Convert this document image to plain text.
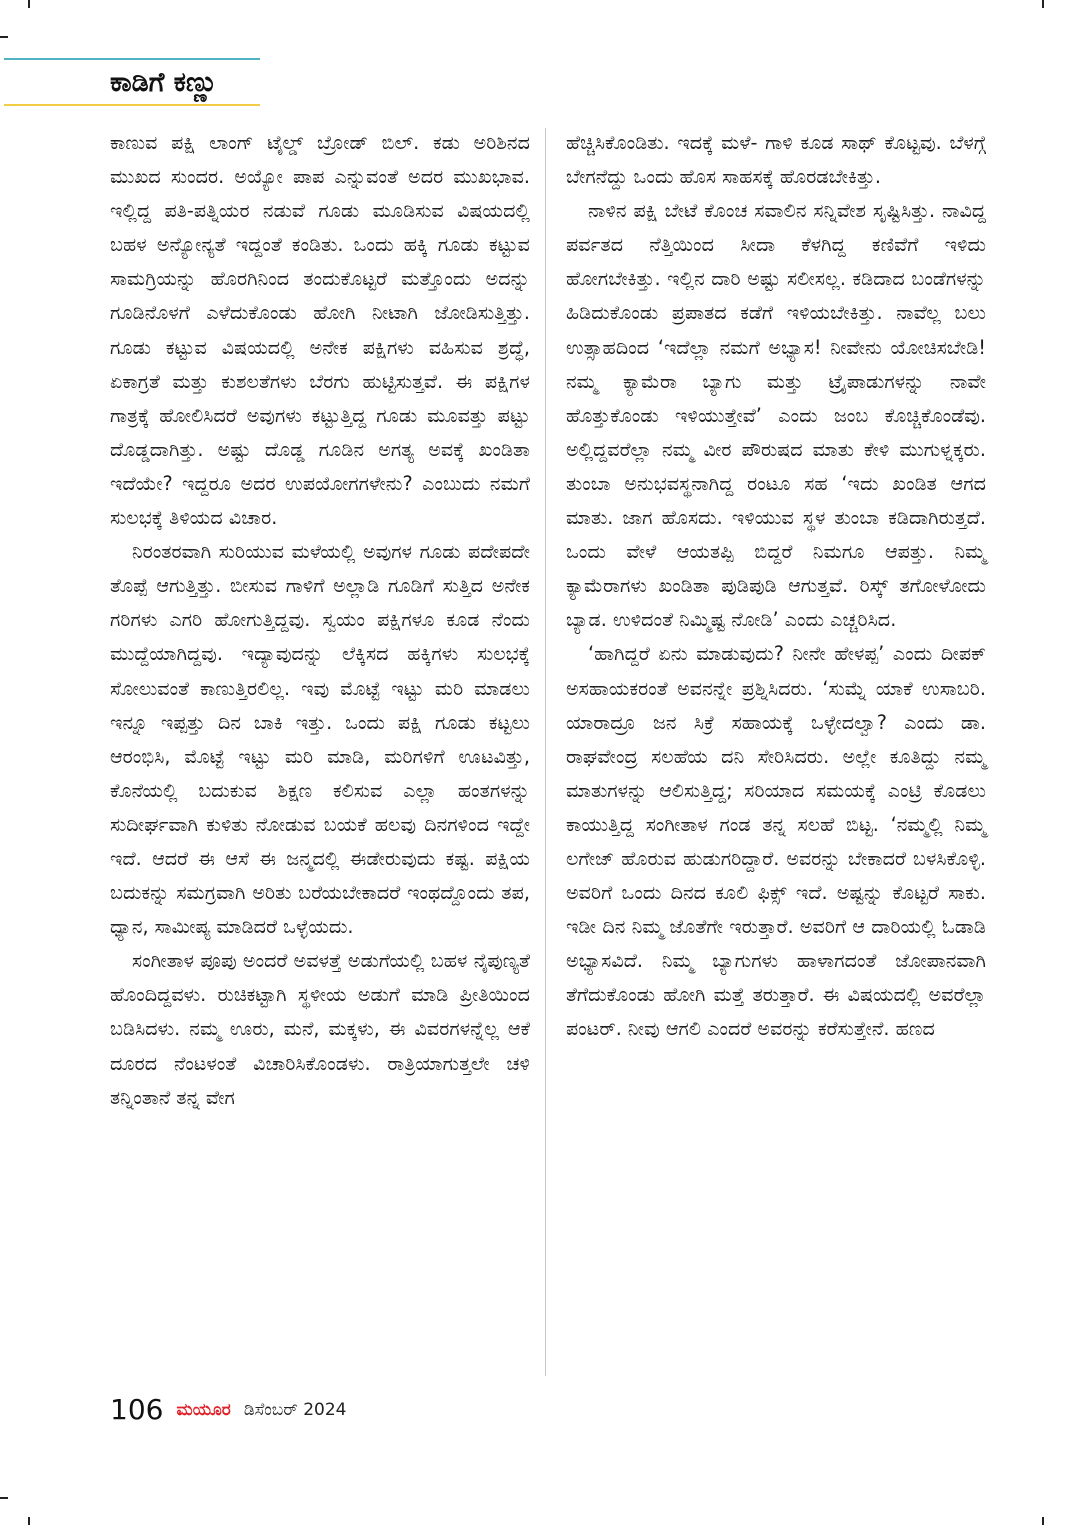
ಕಾಡಿಗೆ ಕಣ್ಣು

ಕಾಣುವ ಪಕ್ಷಿ ಲಾಂಗ್ ಟೈಲ್ಡ್ ಬ್ರೋಡ್ ಬಿಲ್. ಕಡು ಅರಿಶಿನದ ಮುಖದ ಸುಂದರ. ಅಯ್ಯೋ ಪಾಪ ಎನ್ನುವಂತೆ ಅದರ ಮುಖಭಾವ. ಇಲ್ಲಿದ್ದ ಪತಿ-ಪತ್ನಿಯರ ನಡುವೆ ಗೂಡು ಮೂಡಿಸುವ ವಿಷಯದಲ್ಲಿ ಬಹಳ ಅನ್ಯೋನ್ಯತೆ ಇದ್ದಂತೆ ಕಂಡಿತು. ಒಂದು ಹಕ್ಕಿ ಗೂಡು ಕಟ್ಟುವ ಸಾಮಗ್ರಿಯನ್ನು ಹೊರಗಿನಿಂದ ತಂದುಕೊಟ್ಟರೆ ಮತ್ತೊಂದು ಅದನ್ನು ಗೂಡಿನೊಳಗೆ ಎಳೆದುಕೊಂಡು ಹೋಗಿ ನೀಟಾಗಿ ಜೋಡಿಸುತ್ತಿತ್ತು. ಗೂಡು ಕಟ್ಟುವ ವಿಷಯದಲ್ಲಿ ಅನೇಕ ಪಕ್ಷಿಗಳು ವಹಿಸುವ ಶ್ರದ್ಧೆ, ಏಕಾಗ್ರತೆ ಮತ್ತು ಕುಶಲತೆಗಳು ಬೆರಗು ಹುಟ್ಟಿಸುತ್ತವೆ. ಈ ಪಕ್ಷಿಗಳ ಗಾತ್ರಕ್ಕೆ ಹೋಲಿಸಿದರೆ ಅವುಗಳು ಕಟ್ಟುತ್ತಿದ್ದ ಗೂಡು ಮೂವತ್ತು ಪಟ್ಟು ದೊಡ್ಡದಾಗಿತ್ತು. ಅಷ್ಟು ದೊಡ್ಡ ಗೂಡಿನ ಅಗತ್ಯ ಅವಕ್ಕೆ ಖಂಡಿತಾ ಇದೆಯೇ? ಇದ್ದರೂ ಅದರ ಉಪಯೋಗಗಳೇನು? ಎಂಬುದು ನಮಗೆ ಸುಲಭಕ್ಕೆ ತಿಳಿಯದ ವಿಚಾರ.

ನಿರಂತರವಾಗಿ ಸುರಿಯುವ ಮಳೆಯಲ್ಲಿ ಅವುಗಳ ಗೂಡು ಪದೇಪದೇ ತೊಪ್ಪೆ ಆಗುತ್ತಿತ್ತು. ಬೀಸುವ ಗಾಳಿಗೆ ಅಲ್ಲಾಡಿ ಗೂಡಿಗೆ ಸುತ್ತಿದ ಅನೇಕ ಗರಿಗಳು ಎಗರಿ ಹೋಗುತ್ತಿದ್ದವು. ಸ್ವಯಂ ಪಕ್ಷಿಗಳೂ ಕೂಡ ನೆಂದು ಮುದ್ದೆಯಾಗಿದ್ದವು. ಇದ್ಯಾವುದನ್ನು ಲೆಕ್ಕಿಸದ ಹಕ್ಕಿಗಳು ಸುಲಭಕ್ಕೆ ಸೋಲುವಂತೆ ಕಾಣುತ್ತಿರಲಿಲ್ಲ. ಇವು ಮೊಟ್ಟೆ ಇಟ್ಟು ಮರಿ ಮಾಡಲು ಇನ್ನೂ ಇಪ್ಪತ್ತು ದಿನ ಬಾಕಿ ಇತ್ತು. ಒಂದು ಪಕ್ಷಿ ಗೂಡು ಕಟ್ಟಲು ಆರಂಭಿಸಿ, ಮೊಟ್ಟೆ ಇಟ್ಟು ಮರಿ ಮಾಡಿ, ಮರಿಗಳಿಗೆ ಊಟವಿತ್ತು, ಕೊನೆಯಲ್ಲಿ ಬದುಕುವ ಶಿಕ್ಷಣ ಕಲಿಸುವ ಎಲ್ಲಾ ಹಂತಗಳನ್ನು ಸುದೀರ್ಘವಾಗಿ ಕುಳಿತು ನೋಡುವ ಬಯಕೆ ಹಲವು ದಿನಗಳಿಂದ ಇದ್ದೇ ಇದೆ. ಆದರೆ ಈ ಆಸೆ ಈ ಜನ್ಮದಲ್ಲಿ ಈಡೇರುವುದು ಕಷ್ಟ. ಪಕ್ಷಿಯ ಬದುಕನ್ನು ಸಮಗ್ರವಾಗಿ ಅರಿತು ಬರೆಯಬೇಕಾದರೆ ಇಂಥದ್ದೊಂದು ತಪ, ಧ್ಯಾನ, ಸಾಮೀಪ್ಯ ಮಾಡಿದರೆ ಒಳ್ಳೆಯದು.

ಸಂಗೀತಾಳ ಪೂಪು ಅಂದರೆ ಅವಳತ್ತೆ ಅಡುಗೆಯಲ್ಲಿ ಬಹಳ ನೈಪುಣ್ಯತೆ ಹೊಂದಿದ್ದವಳು. ರುಚಿಕಟ್ಟಾಗಿ ಸ್ಥಳೀಯ ಅಡುಗೆ ಮಾಡಿ ಪ್ರೀತಿಯಿಂದ ಬಡಿಸಿದಳು. ನಮ್ಮ ಊರು, ಮನೆ, ಮಕ್ಕಳು, ಈ ವಿವರಗಳನ್ನೆಲ್ಲ ಆಕೆ ದೂರದ ನೆಂಟಳಂತೆ ವಿಚಾರಿಸಿಕೊಂಡಳು. ರಾತ್ರಿಯಾಗುತ್ತಲೇ ಚಳಿ ತನ್ನಿಂತಾನೆ ತನ್ನ ವೇಗ

ಹೆಚ್ಚಿಸಿಕೊಂಡಿತು. ಇದಕ್ಕೆ ಮಳೆ- ಗಾಳಿ ಕೂಡ ಸಾಥ್ ಕೊಟ್ಟವು. ಬೆಳಗ್ಗೆ ಬೇಗನೆದ್ದು ಒಂದು ಹೊಸ ಸಾಹಸಕ್ಕೆ ಹೊರಡಬೇಕಿತ್ತು.

ನಾಳಿನ ಪಕ್ಷಿ ಬೇಟೆ ಕೊಂಚ ಸವಾಲಿನ ಸನ್ನಿವೇಶ ಸೃಷ್ಟಿಸಿತ್ತು. ನಾವಿದ್ದ ಪರ್ವತದ ನೆತ್ತಿಯಿಂದ ಸೀದಾ ಕೆಳಗಿದ್ದ ಕಣಿವೆಗೆ ಇಳಿದು ಹೋಗಬೇಕಿತ್ತು. ಇಲ್ಲಿನ ದಾರಿ ಅಷ್ಟು ಸಲೀಸಲ್ಲ. ಕಡಿದಾದ ಬಂಡೆಗಳನ್ನು ಹಿಡಿದುಕೊಂಡು ಪ್ರಪಾತದ ಕಡೆಗೆ ಇಳಿಯಬೇಕಿತ್ತು. ನಾವೆಲ್ಲ ಬಲು ಉತ್ಸಾಹದಿಂದ ‘ಇದೆಲ್ಲಾ ನಮಗೆ ಅಭ್ಯಾಸ! ನೀವೇನು ಯೋಚಿಸಬೇಡಿ! ನಮ್ಮ ಕ್ಯಾಮೆರಾ ಬ್ಯಾಗು ಮತ್ತು ಟ್ರೈಪಾಡುಗಳನ್ನು ನಾವೇ ಹೊತ್ತುಕೊಂಡು ಇಳಿಯುತ್ತೇವೆ’ ಎಂದು ಜಂಬ ಕೊಚ್ಚಿಕೊಂಡೆವು. ಅಲ್ಲಿದ್ದವರೆಲ್ಲಾ ನಮ್ಮ ವೀರ ಪೌರುಷದ ಮಾತು ಕೇಳಿ ಮುಗುಳ್ನಕ್ಕರು. ತುಂಬಾ ಅನುಭವಸ್ಥನಾಗಿದ್ದ ರಂಟೂ ಸಹ ‘ಇದು ಖಂಡಿತ ಆಗದ ಮಾತು. ಜಾಗ ಹೊಸದು. ಇಳಿಯುವ ಸ್ಥಳ ತುಂಬಾ ಕಡಿದಾಗಿರುತ್ತದೆ. ಒಂದು ವೇಳೆ ಆಯತಪ್ಪಿ ಬಿದ್ದರೆ ನಿಮಗೂ ಆಪತ್ತು. ನಿಮ್ಮ ಕ್ಯಾಮೆರಾಗಳು ಖಂಡಿತಾ ಪುಡಿಪುಡಿ ಆಗುತ್ತವೆ. ರಿಸ್ಕ್ ತಗೋಳೋದು ಬ್ಯಾಡ. ಉಳಿದಂತೆ ನಿಮ್ಮಿಷ್ಟ ನೋಡಿ’ ಎಂದು ಎಚ್ಚರಿಸಿದ.

‘ಹಾಗಿದ್ದರೆ ಏನು ಮಾಡುವುದು? ನೀನೇ ಹೇಳಪ್ಪ’ ಎಂದು ದೀಪಕ್ ಅಸಹಾಯಕರಂತೆ ಅವನನ್ನೇ ಪ್ರಶ್ನಿಸಿದರು. ‘ಸುಮ್ನೆ ಯಾಕೆ ಉಸಾಬರಿ. ಯಾರಾದ್ರೂ ಜನ ಸಿಕ್ರೆ ಸಹಾಯಕ್ಕೆ ಒಳ್ಳೇದಲ್ವಾ? ಎಂದು ಡಾ. ರಾಘವೇಂದ್ರ ಸಲಹೆಯ ದನಿ ಸೇರಿಸಿದರು. ಅಲ್ಲೇ ಕೂತಿದ್ದು ನಮ್ಮ ಮಾತುಗಳನ್ನು ಆಲಿಸುತ್ತಿದ್ದ; ಸರಿಯಾದ ಸಮಯಕ್ಕೆ ಎಂಟ್ರಿ ಕೊಡಲು ಕಾಯುತ್ತಿದ್ದ ಸಂಗೀತಾಳ ಗಂಡ ತನ್ನ ಸಲಹೆ ಬಿಟ್ಟ. ‘ನಮ್ಮಲ್ಲಿ ನಿಮ್ಮ ಲಗೇಜ್ ಹೊರುವ ಹುಡುಗರಿದ್ದಾರೆ. ಅವರನ್ನು ಬೇಕಾದರೆ ಬಳಸಿಕೊಳ್ಳಿ. ಅವರಿಗೆ ಒಂದು ದಿನದ ಕೂಲಿ ಫಿಕ್ಸ್ ಇದೆ. ಅಷ್ಟನ್ನು ಕೊಟ್ಟರೆ ಸಾಕು. ಇಡೀ ದಿನ ನಿಮ್ಮ ಜೊತೆಗೇ ಇರುತ್ತಾರೆ. ಅವರಿಗೆ ಆ ದಾರಿಯಲ್ಲಿ ಓಡಾಡಿ ಅಭ್ಯಾಸವಿದೆ. ನಿಮ್ಮ ಬ್ಯಾಗುಗಳು ಹಾಳಾಗದಂತೆ ಜೋಪಾನವಾಗಿ ತೆಗೆದುಕೊಂಡು ಹೋಗಿ ಮತ್ತೆ ತರುತ್ತಾರೆ. ಈ ವಿಷಯದಲ್ಲಿ ಅವರೆಲ್ಲಾ ಪಂಟರ್. ನೀವು ಆಗಲಿ ಎಂದರೆ ಅವರನ್ನು ಕರೆಸುತ್ತೇನೆ. ಹಣದ

106 ಮಯೂರ ಡಿಸೆಂಬರ್ 2024
